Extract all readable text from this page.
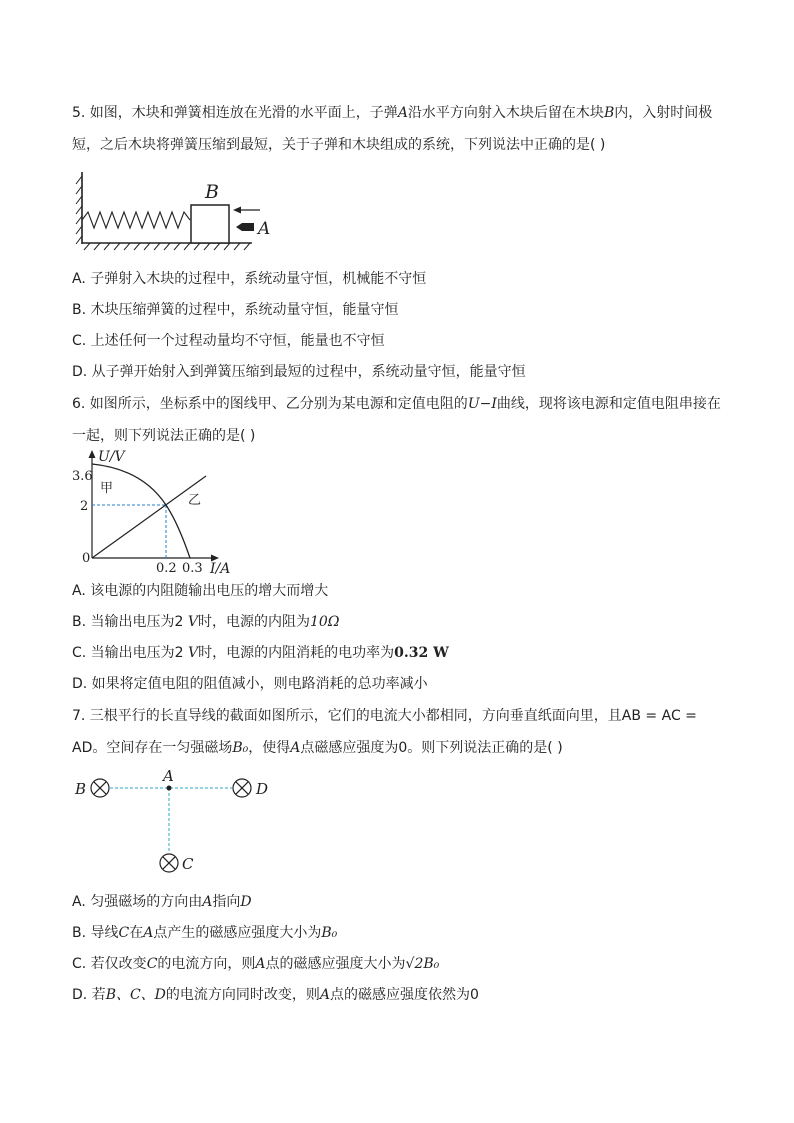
5. 如图，木块和弹簧相连放在光滑的水平面上，子弹A沿水平方向射入木块后留在木块B内，入射时间极短，之后木块将弹簧压缩到最短，关于子弹和木块组成的系统，下列说法中正确的是( )
B
A
A. 子弹射入木块的过程中，系统动量守恒，机械能不守恒
B. 木块压缩弹簧的过程中，系统动量守恒，能量守恒
C. 上述任何一个过程动量均不守恒，能量也不守恒
D. 从子弹开始射入到弹簧压缩到最短的过程中，系统动量守恒，能量守恒
6. 如图所示，坐标系中的图线甲、乙分别为某电源和定值电阻的U−I曲线，现将该电源和定值电阻串接在一起，则下列说法正确的是( )
U/V
I/A
3.6
2
0
0.2 0.3
甲
乙
A. 该电源的内阻随输出电压的增大而增大
B. 当输出电压为2 V时，电源的内阻为10Ω
C. 当输出电压为2 V时，电源的内阻消耗的电功率为0.32 W
D. 如果将定值电阻的阻值减小，则电路消耗的总功率减小
7. 三根平行的长直导线的截面如图所示，它们的电流大小都相同，方向垂直纸面向里，且AB = AC = AD。空间存在一匀强磁场B₀，使得A点磁感应强度为0。则下列说法正确的是( )
A
B	D
C
A. 匀强磁场的方向由A指向D
B. 导线C在A点产生的磁感应强度大小为B₀
C. 若仅改变C的电流方向，则A点的磁感应强度大小为√2B₀
D. 若B、C、D的电流方向同时改变，则A点的磁感应强度依然为0
